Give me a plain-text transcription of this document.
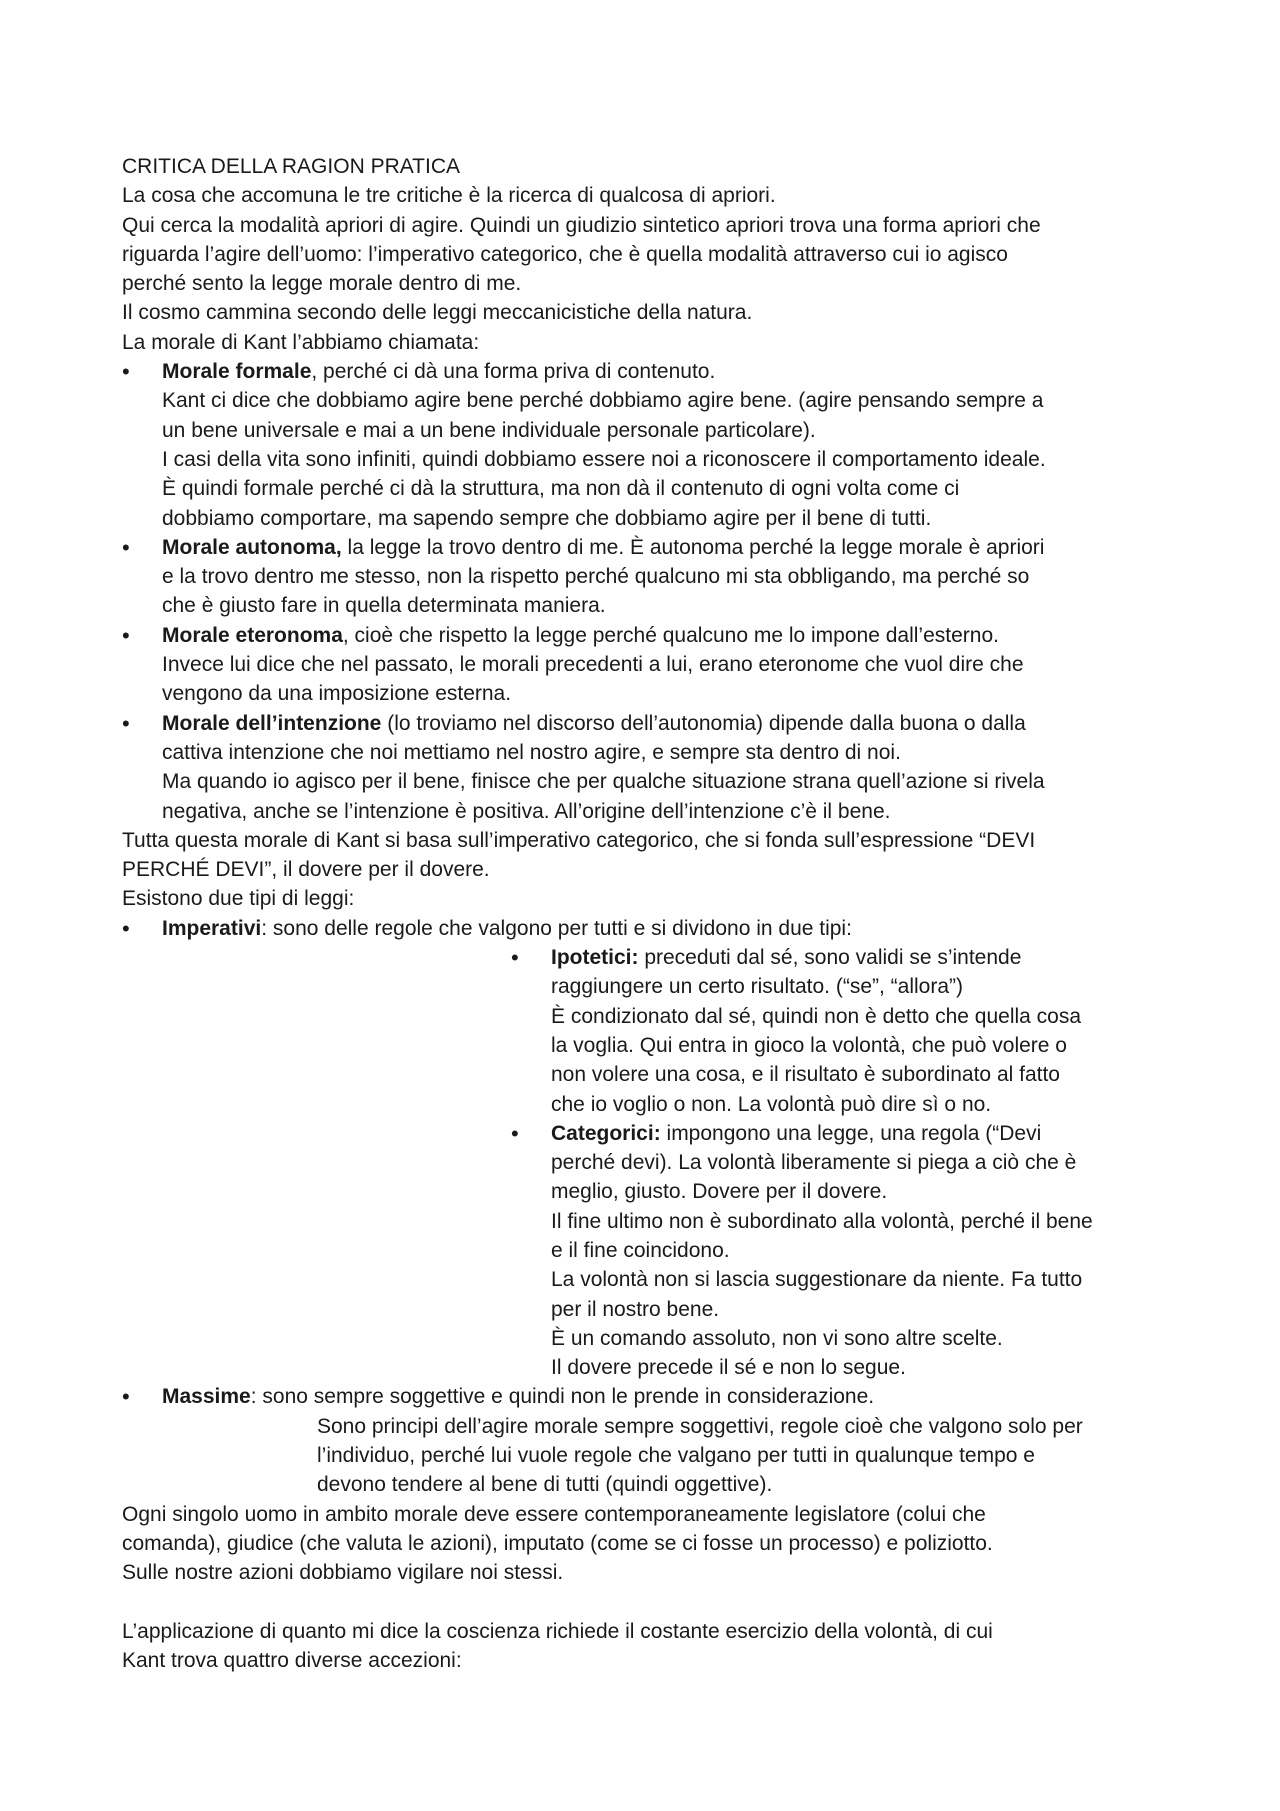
CRITICA DELLA RAGION PRATICA

La cosa che accomuna le tre critiche è la ricerca di qualcosa di apriori.

Qui cerca la modalità apriori di agire. Quindi un giudizio sintetico apriori trova una forma apriori che

riguarda l’agire dell’uomo: l’imperativo categorico, che è quella modalità attraverso cui io agisco

perché sento la legge morale dentro di me.

Il cosmo cammina secondo delle leggi meccanicistiche della natura.

La morale di Kant l’abbiamo chiamata:

•

Morale formale, perché ci dà una forma priva di contenuto.

Kant ci dice che dobbiamo agire bene perché dobbiamo agire bene. (agire pensando sempre a

un bene universale e mai a un bene individuale personale particolare).

I casi della vita sono infiniti, quindi dobbiamo essere noi a riconoscere il comportamento ideale.

È quindi formale perché ci dà la struttura, ma non dà il contenuto di ogni volta come ci

dobbiamo comportare, ma sapendo sempre che dobbiamo agire per il bene di tutti.

•

Morale autonoma, la legge la trovo dentro di me. È autonoma perché la legge morale è apriori

e la trovo dentro me stesso, non la rispetto perché qualcuno mi sta obbligando, ma perché so

che è giusto fare in quella determinata maniera.

•

Morale eteronoma, cioè che rispetto la legge perché qualcuno me lo impone dall’esterno.

Invece lui dice che nel passato, le morali precedenti a lui, erano eteronome che vuol dire che

vengono da una imposizione esterna.

•

Morale dell’intenzione (lo troviamo nel discorso dell’autonomia) dipende dalla buona o dalla

cattiva intenzione che noi mettiamo nel nostro agire, e sempre sta dentro di noi.

Ma quando io agisco per il bene, finisce che per qualche situazione strana quell’azione si rivela

negativa, anche se l’intenzione è positiva. All’origine dell’intenzione c’è il bene.

Tutta questa morale di Kant si basa sull’imperativo categorico, che si fonda sull’espressione “DEVI

PERCHÉ DEVI”, il dovere per il dovere.

Esistono due tipi di leggi:

•

Imperativi: sono delle regole che valgono per tutti e si dividono in due tipi:

•

Ipotetici: preceduti dal sé, sono validi se s’intende

raggiungere un certo risultato. (“se”, “allora”)

È condizionato dal sé, quindi non è detto che quella cosa

la voglia. Qui entra in gioco la volontà, che può volere o

non volere una cosa, e il risultato è subordinato al fatto

che io voglio o non. La volontà può dire sì o no.

•

Categorici: impongono una legge, una regola (“Devi

perché devi). La volontà liberamente si piega a ciò che è

meglio, giusto. Dovere per il dovere.

Il fine ultimo non è subordinato alla volontà, perché il bene

e il fine coincidono.

La volontà non si lascia suggestionare da niente. Fa tutto

per il nostro bene.

È un comando assoluto, non vi sono altre scelte.

Il dovere precede il sé e non lo segue.

•

Massime: sono sempre soggettive e quindi non le prende in considerazione.

Sono principi dell’agire morale sempre soggettivi, regole cioè che valgono solo per

l’individuo, perché lui vuole regole che valgano per tutti in qualunque tempo e

devono tendere al bene di tutti (quindi oggettive).

Ogni singolo uomo in ambito morale deve essere contemporaneamente legislatore (colui che

comanda), giudice (che valuta le azioni), imputato (come se ci fosse un processo) e poliziotto.

Sulle nostre azioni dobbiamo vigilare noi stessi.

L’applicazione di quanto mi dice la coscienza richiede il costante esercizio della volontà, di cui

Kant trova quattro diverse accezioni:
